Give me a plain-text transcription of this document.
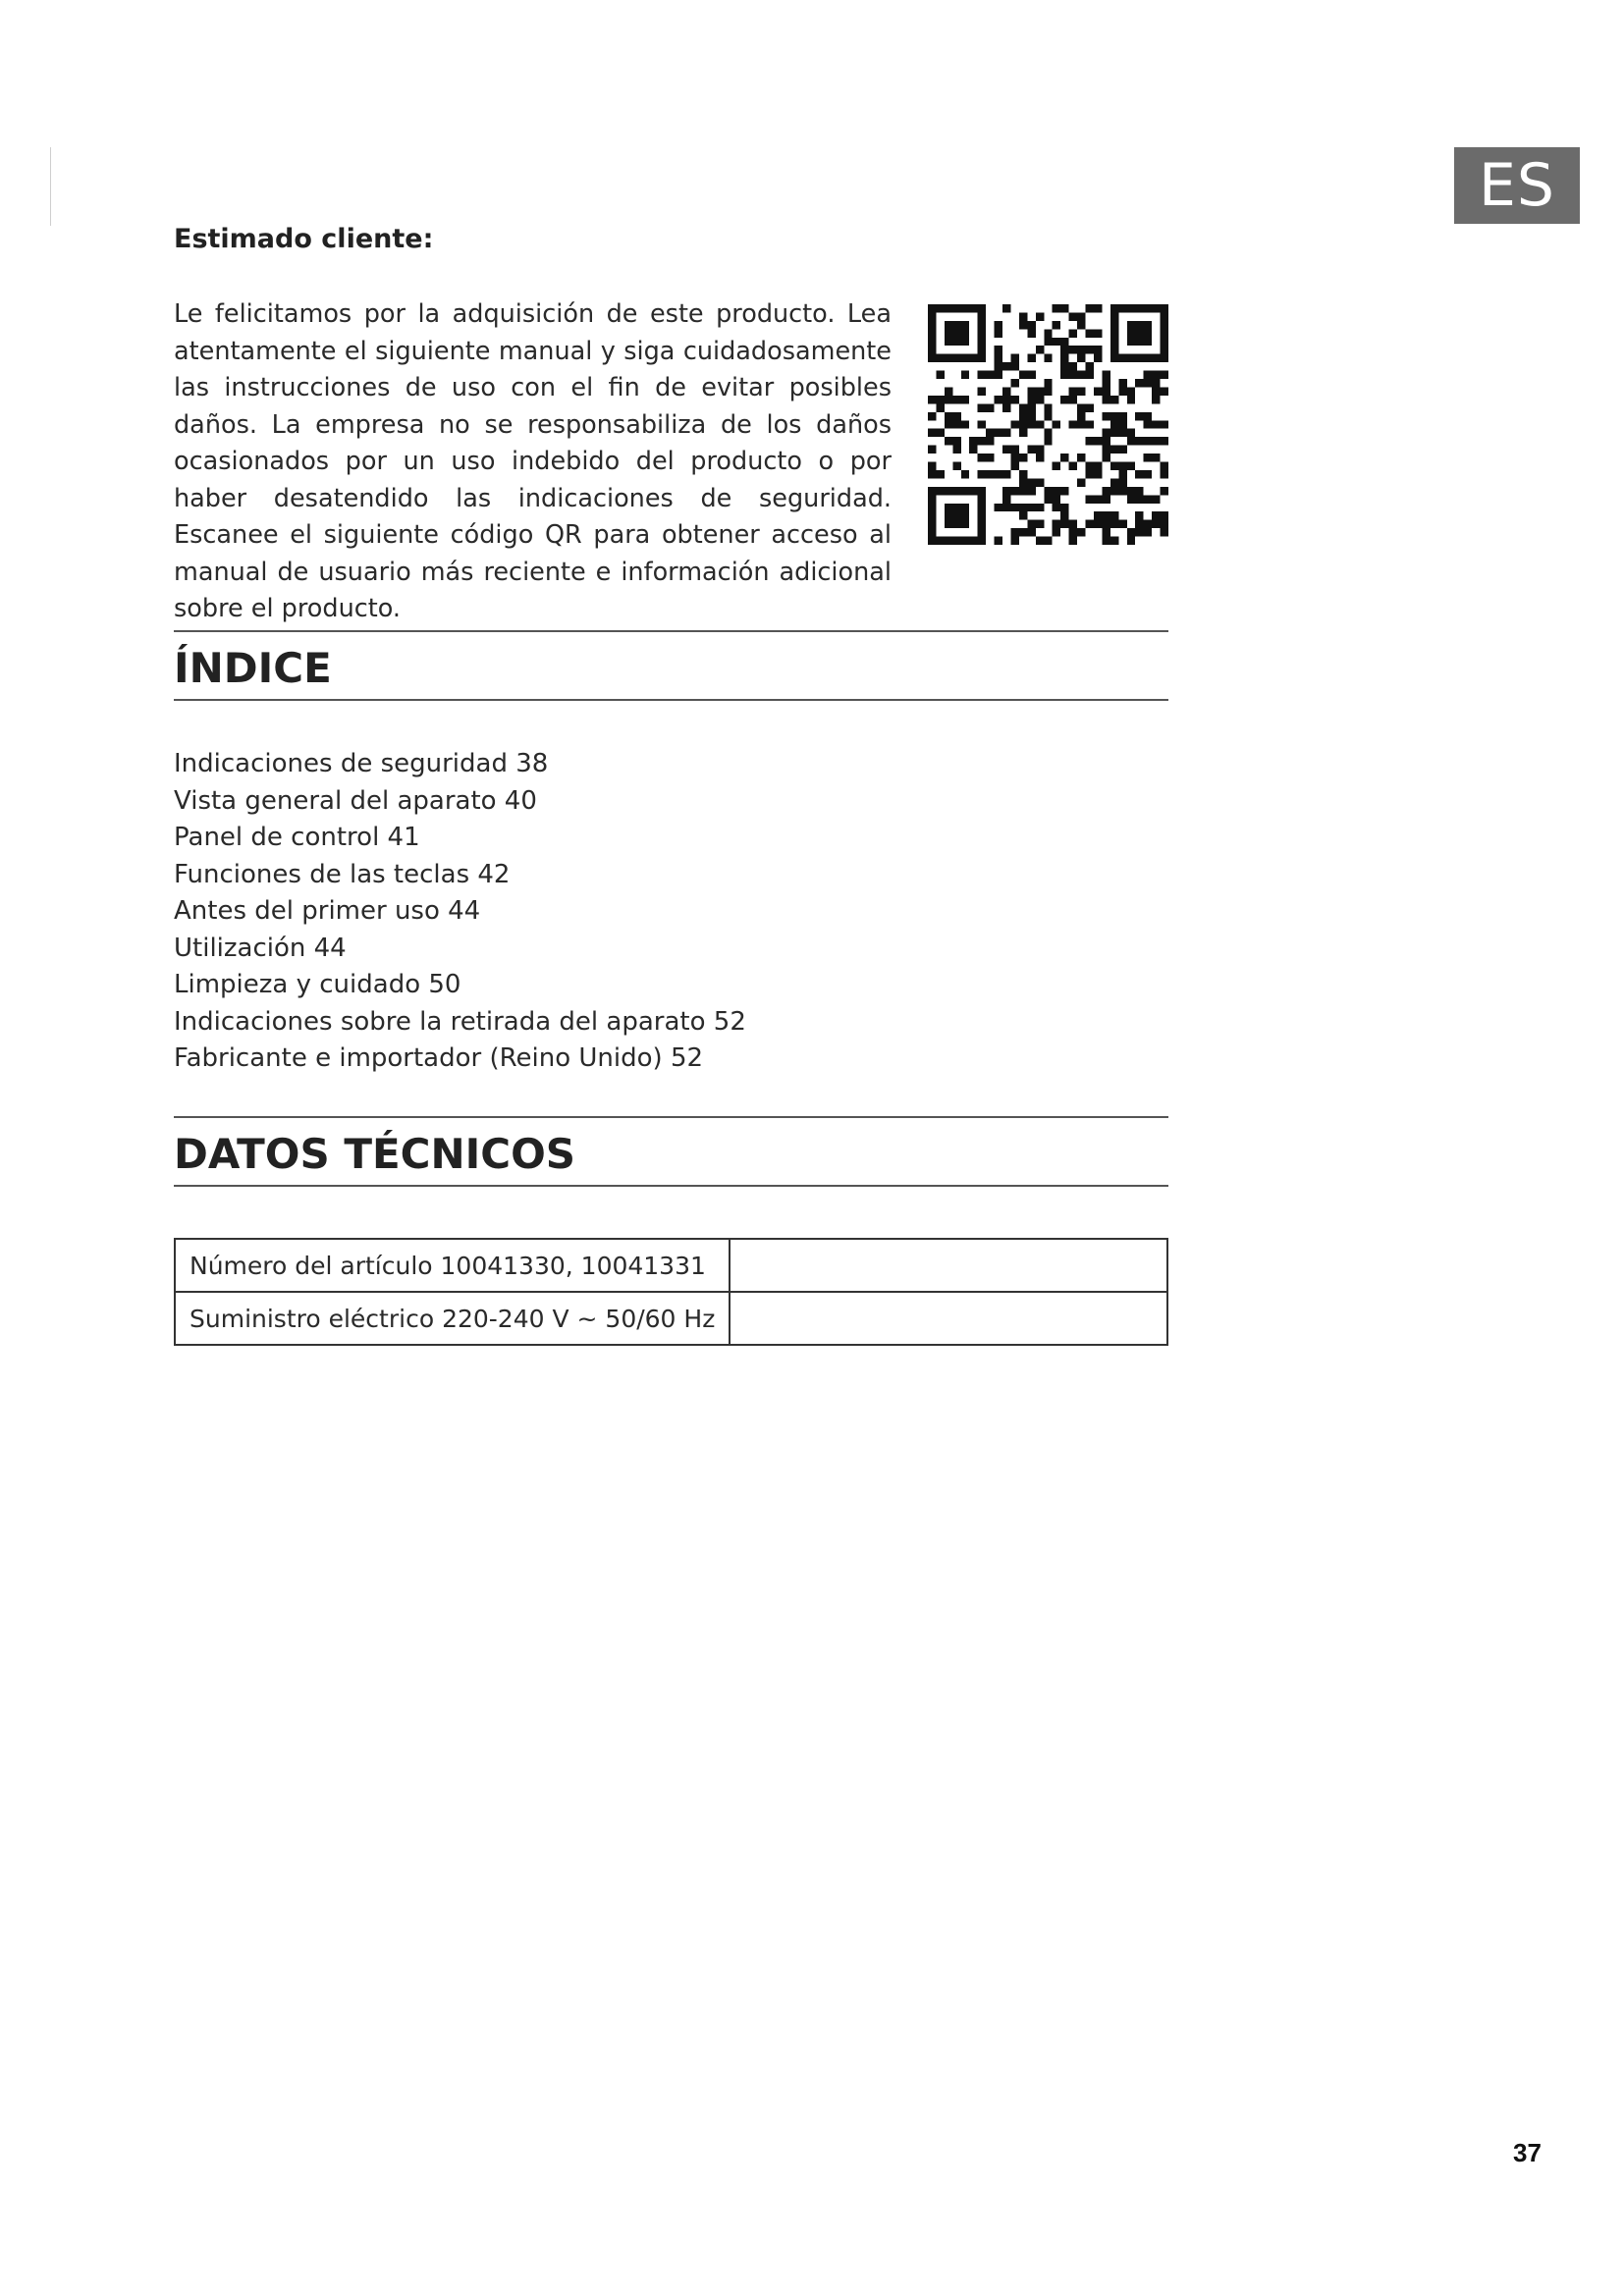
ES
Estimado cliente:
Le felicitamos por la adquisición de este producto. Lea atentamente el siguiente manual y siga cuidadosamente las instrucciones de uso con el fin de evitar posibles daños. La empresa no se responsabiliza de los daños ocasionados por un uso indebido del producto o por haber desatendido las indicaciones de seguridad. Escanee el siguiente código QR para obtener acceso al manual de usuario más reciente e información adicional sobre el producto.
ÍNDICE
Indicaciones de seguridad 38
Vista general del aparato 40
Panel de control 41
Funciones de las teclas 42
Antes del primer uso 44
Utilización 44
Limpieza y cuidado 50
Indicaciones sobre la retirada del aparato 52
Fabricante e importador (Reino Unido) 52
DATOS TÉCNICOS
Número del artículo 10041330, 10041331	
Suministro eléctrico 220-240 V ~ 50/60 Hz	
37
